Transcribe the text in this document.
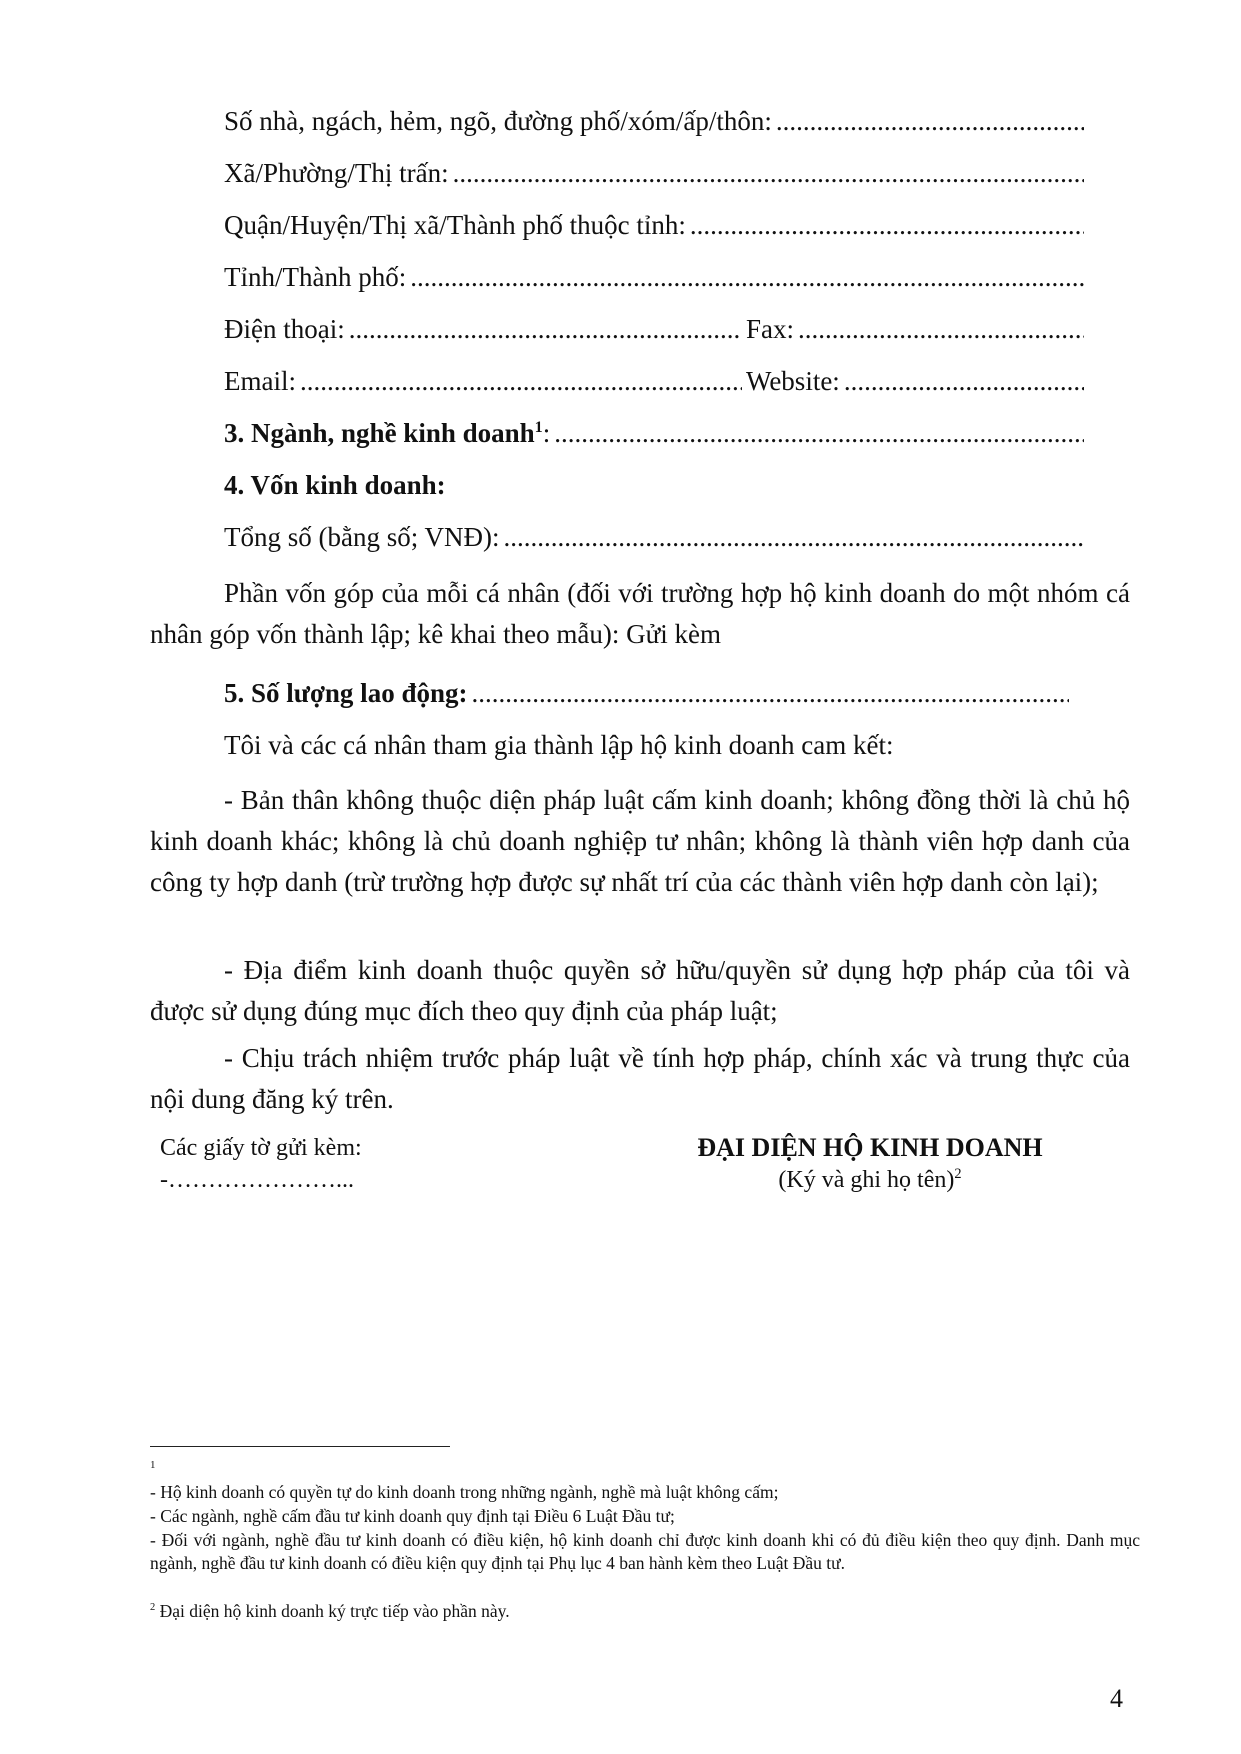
Số nhà, ngách, hẻm, ngõ, đường phố/xóm/ấp/thôn:
.....
Xã/Phường/Thị trấn:
.....
Quận/Huyện/Thị xã/Thành phố thuộc tỉnh:
.....
Tỉnh/Thành phố:
.....
Điện thoại: .....	Fax:
.....
Email: .....	Website:
.....
3. Ngành, nghề kinh doanh$^1$ :
.....
4. Vốn kinh doanh:
Tổng số (bằng số; VNĐ):
.....
Phần vốn góp của mỗi cá nhân (đối với trường hợp hộ kinh doanh do một nhóm cá nhân góp vốn thành lập; kê khai theo mẫu): Gửi kèm
5. Số lượng lao động:
.....
Tôi và các cá nhân tham gia thành lập hộ kinh doanh cam kết:
- Bản thân không thuộc diện pháp luật cấm kinh doanh; không đồng thời là chủ hộ kinh doanh khác; không là chủ doanh nghiệp tư nhân; không là thành viên hợp danh của công ty hợp danh (trừ trường hợp được sự nhất trí của các thành viên hợp danh còn lại);
- Địa điểm kinh doanh thuộc quyền sở hữu/quyền sử dụng hợp pháp của tôi và được sử dụng đúng mục đích theo quy định của pháp luật;
- Chịu trách nhiệm trước pháp luật về tính hợp pháp, chính xác và trung thực của nội dung đăng ký trên.
Các giấy tờ gửi kèm:
-…………………...
ĐẠI DIỆN HỘ KINH DOANH
(Ký và ghi họ tên)$^2$
1
- Hộ kinh doanh có quyền tự do kinh doanh trong những ngành, nghề mà luật không cấm;
- Các ngành, nghề cấm đầu tư kinh doanh quy định tại Điều 6 Luật Đầu tư;
- Đối với ngành, nghề đầu tư kinh doanh có điều kiện, hộ kinh doanh chỉ được kinh doanh khi có đủ điều kiện theo quy định. Danh mục ngành, nghề đầu tư kinh doanh có điều kiện quy định tại Phụ lục 4 ban hành kèm theo Luật Đầu tư.
$^2$ Đại diện hộ kinh doanh ký trực tiếp vào phần này.
4
